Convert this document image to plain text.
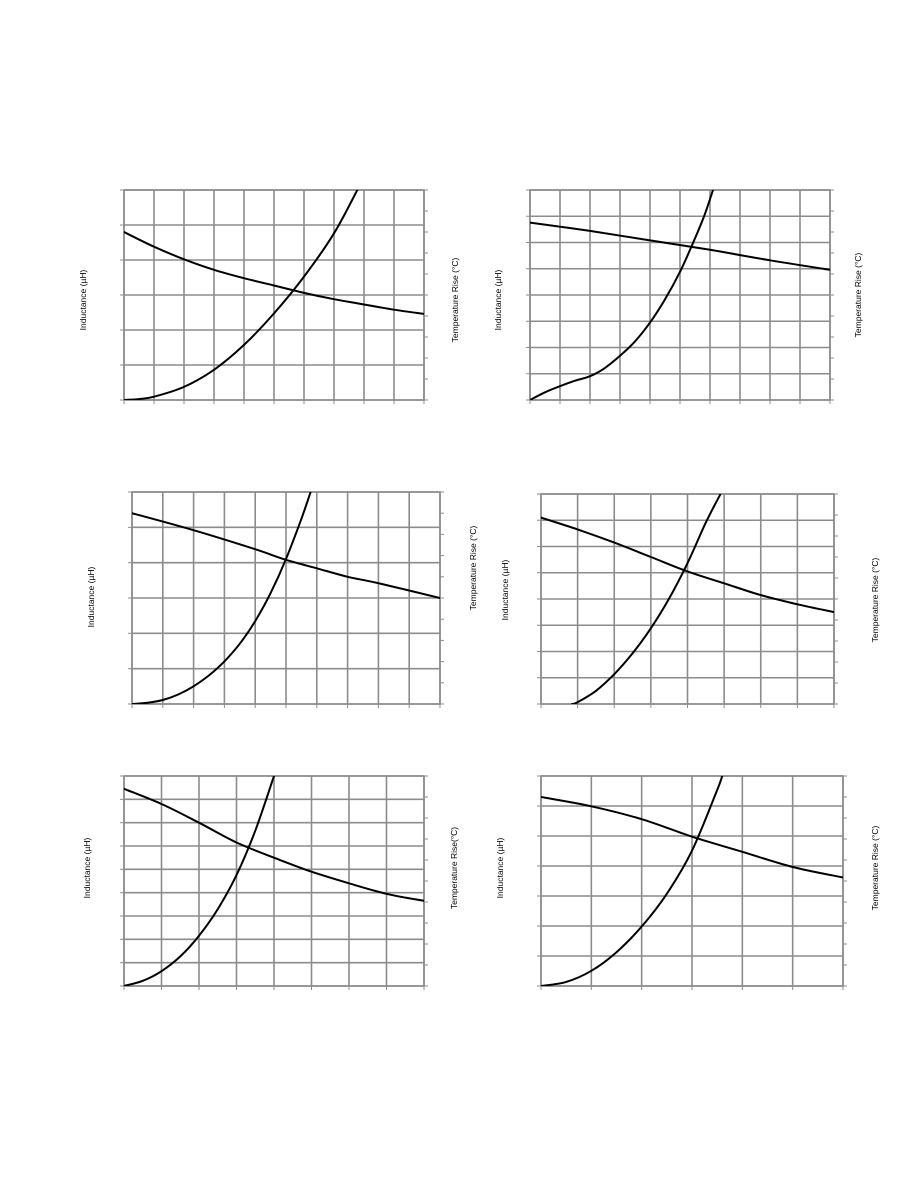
Inductance (µH)	Temperature Rise (°C)	Inductance (µH)	Temperature Rise (°C)
Inductance (µH)	Temperature Rise (°C)	Inductance (µH)	Temperature Rise (°C)
Inductance (µH)	Temperature Rise(°C)	Inductance (µH)	Temperature Rise (°C)
